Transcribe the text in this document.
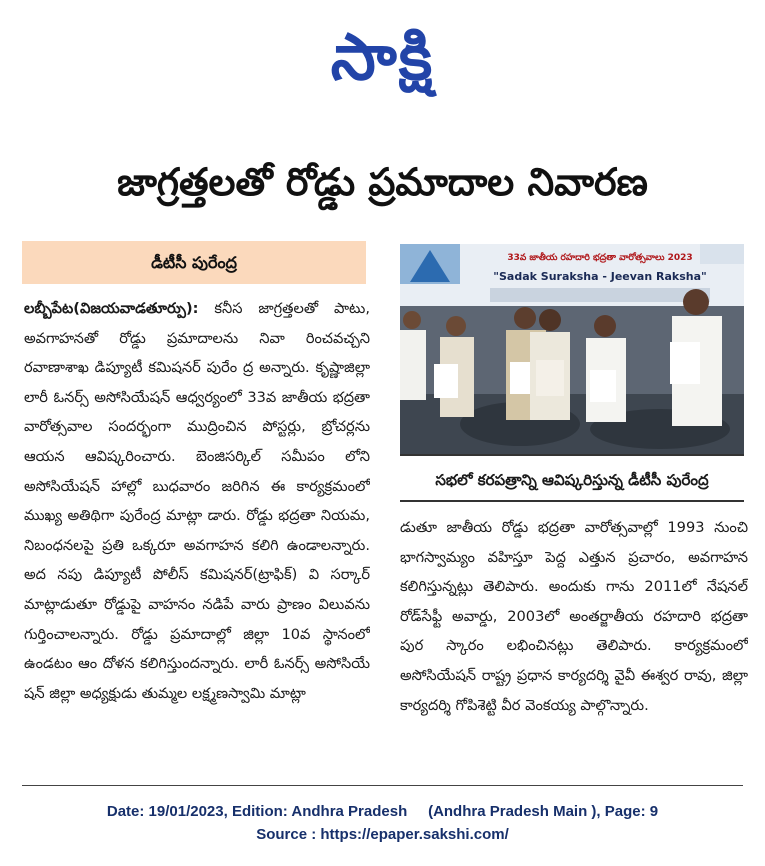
సాక్షి
జాగ్రత్తలతో రోడ్డు ప్రమాదాల నివారణ
డీటీసీ పురేంద్ర
లబ్బీపేట(విజయవాడతూర్పు): కనీస జాగ్రత్తలతో పాటు, అవగాహనతో రోడ్డు ప్రమాదాలను నివా రించవచ్చని రవాణాశాఖ డిప్యూటీ కమిషనర్ పురేం ద్ర అన్నారు. కృష్ణాజిల్లా లారీ ఓనర్స్ అసోసియేషన్ ఆధ్వర్యంలో 33వ జాతీయ భద్రతా వారోత్సవాల సందర్భంగా ముద్రించిన పోస్టర్లు, బ్రోచర్లను ఆయన ఆవిష్కరించారు. బెంజిసర్కిల్ సమీపం లోని అసోసియేషన్ హాల్లో బుధవారం జరిగిన ఈ కార్యక్రమంలో ముఖ్య అతిథిగా పురేంద్ర మాట్లా డారు. రోడ్డు భద్రతా నియమ, నిబంధనలపై ప్రతి ఒక్కరూ అవగాహన కలిగి ఉండాలన్నారు. అద నపు డిప్యూటీ పోలీస్ కమిషనర్(ట్రాఫిక్) వి సర్కార్ మాట్లాడుతూ రోడ్డుపై వాహనం నడిపే వారు ప్రాణం విలువను గుర్తించాలన్నారు. రోడ్డు ప్రమాదాల్లో జిల్లా 10వ స్థానంలో ఉండటం ఆం దోళన కలిగిస్తుందన్నారు. లారీ ఓనర్స్ అసోసియే షన్ జిల్లా అధ్యక్షుడు తుమ్మల లక్ష్మణస్వామి మాట్లా
33వ జాతీయ రహదారి భద్రతా వారోత్సవాలు 2023
"Sadak Suraksha - Jeevan Raksha"
సభలో కరపత్రాన్ని ఆవిష్కరిస్తున్న డీటీసీ పురేంద్ర
డుతూ జాతీయ రోడ్డు భద్రతా వారోత్సవాల్లో 1993 నుంచి భాగస్వామ్యం వహిస్తూ పెద్ద ఎత్తున ప్రచారం, అవగాహన కలిగిస్తున్నట్లు తెలిపారు. అందుకు గాను 2011లో నేషనల్ రోడ్‌సేఫ్టీ అవార్డు, 2003లో అంతర్జాతీయ రహదారి భద్రతా పుర స్కారం లభించినట్లు తెలిపారు. కార్యక్రమంలో అసోసియేషన్ రాష్ట్ర ప్రధాన కార్యదర్శి వైవీ ఈశ్వర రావు, జిల్లా కార్యదర్శి గోపిశెట్టి వీర వెంకయ్య పాల్గొన్నారు.
Date: 19/01/2023, Edition: Andhra Pradesh     (Andhra Pradesh Main ), Page: 9
Source : https://epaper.sakshi.com/
